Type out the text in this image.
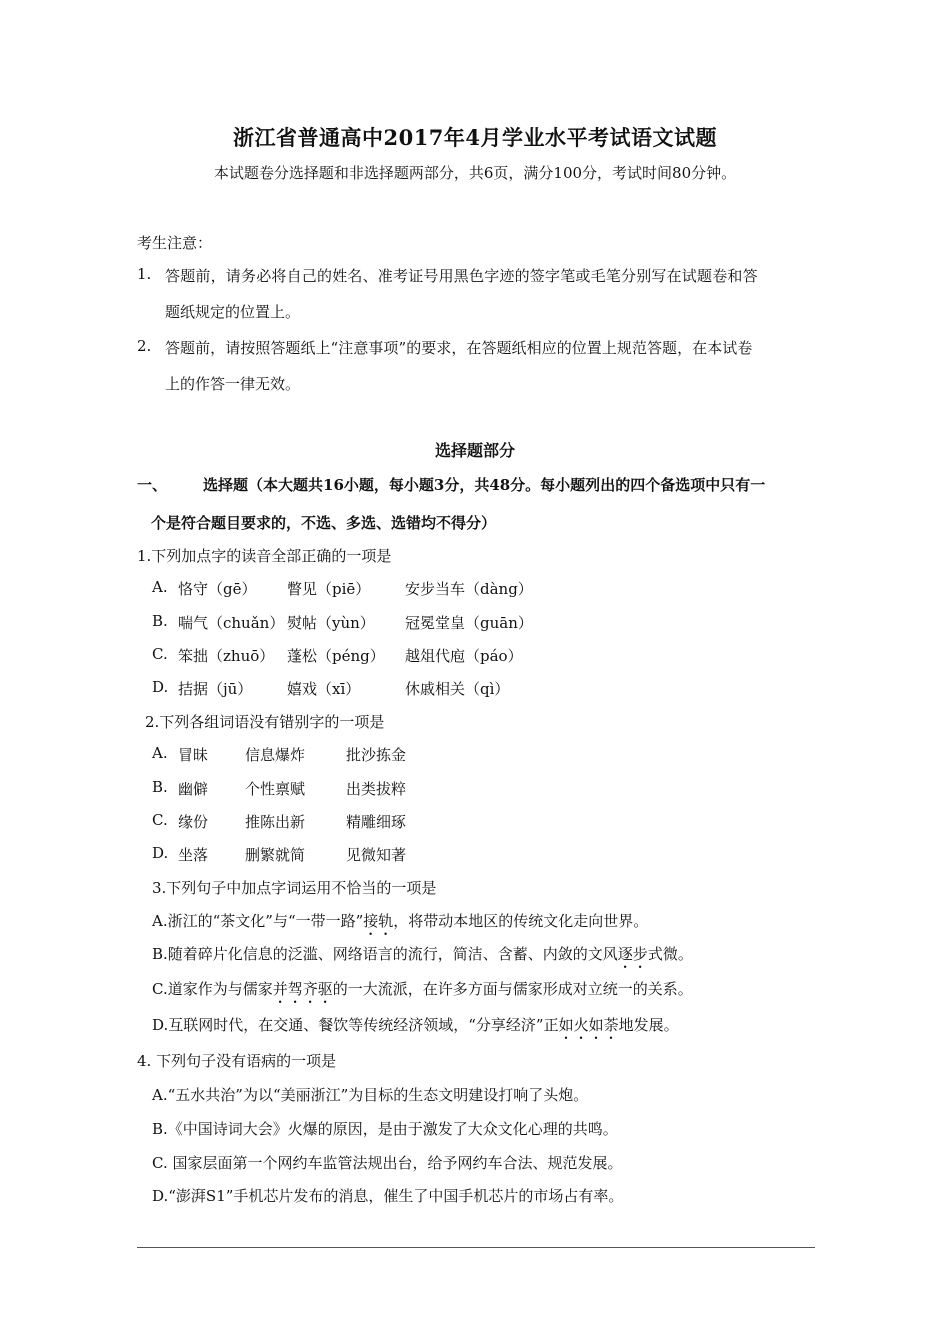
浙江省普通高中2017年4月学业水平考试语文试题
本试题卷分选择题和非选择题两部分，共6页，满分100分，考试时间80分钟。
考生注意：
1. 答题前，请务必将自己的姓名、准考证号用黑色字迹的签字笔或毛笔分别写在试题卷和答
题纸规定的位置上。
2. 答题前，请按照答题纸上“注意事项”的要求，在答题纸相应的位置上规范答题，在本试卷
上的作答一律无效。
选择题部分
一、 选择题（本大题共16小题，每小题3分，共48分。每小题列出的四个备选项中只有一
个是符合题目要求的，不选、多选、选错均不得分）
1.下列加点字的读音全部正确的一项是
A. 恪守（gē） 瞥见（piē） 安步当车（dàng）
B. 喘气（chuǎn） 熨帖（yùn） 冠冕堂皇（guān）
C. 笨拙（zhuō） 蓬松（péng） 越俎代庖（páo）
D. 拮据（jū） 嬉戏（xī）	休戚相关（qì）
2.下列各组词语没有错别字的一项是
A. 冒昧 信息爆炸	批沙拣金
B. 幽僻 个性禀赋	出类拔粹
C. 缘份 推陈出新	精雕细琢
D. 坐落 删繁就简	见微知著
3.下列句子中加点字词运用不恰当的一项是
A.浙江的“茶文化”与“一带一路”接轨，将带动本地区的传统文化走向世界。
B.随着碎片化信息的泛滥、网络语言的流行，简洁、含蓄、内敛的文风逐步式微。
C.道家作为与儒家并驾齐驱的一大流派，在许多方面与儒家形成对立统一的关系。
D.互联网时代，在交通、餐饮等传统经济领域，“分享经济”正如火如荼地发展。
4. 下列句子没有语病的一项是
A.“五水共治”为以“美丽浙江”为目标的生态文明建设打响了头炮。
B.《中国诗词大会》火爆的原因，是由于激发了大众文化心理的共鸣。
C. 国家层面第一个网约车监管法规出台，给予网约车合法、规范发展。
D.“澎湃S1”手机芯片发布的消息，催生了中国手机芯片的市场占有率。
